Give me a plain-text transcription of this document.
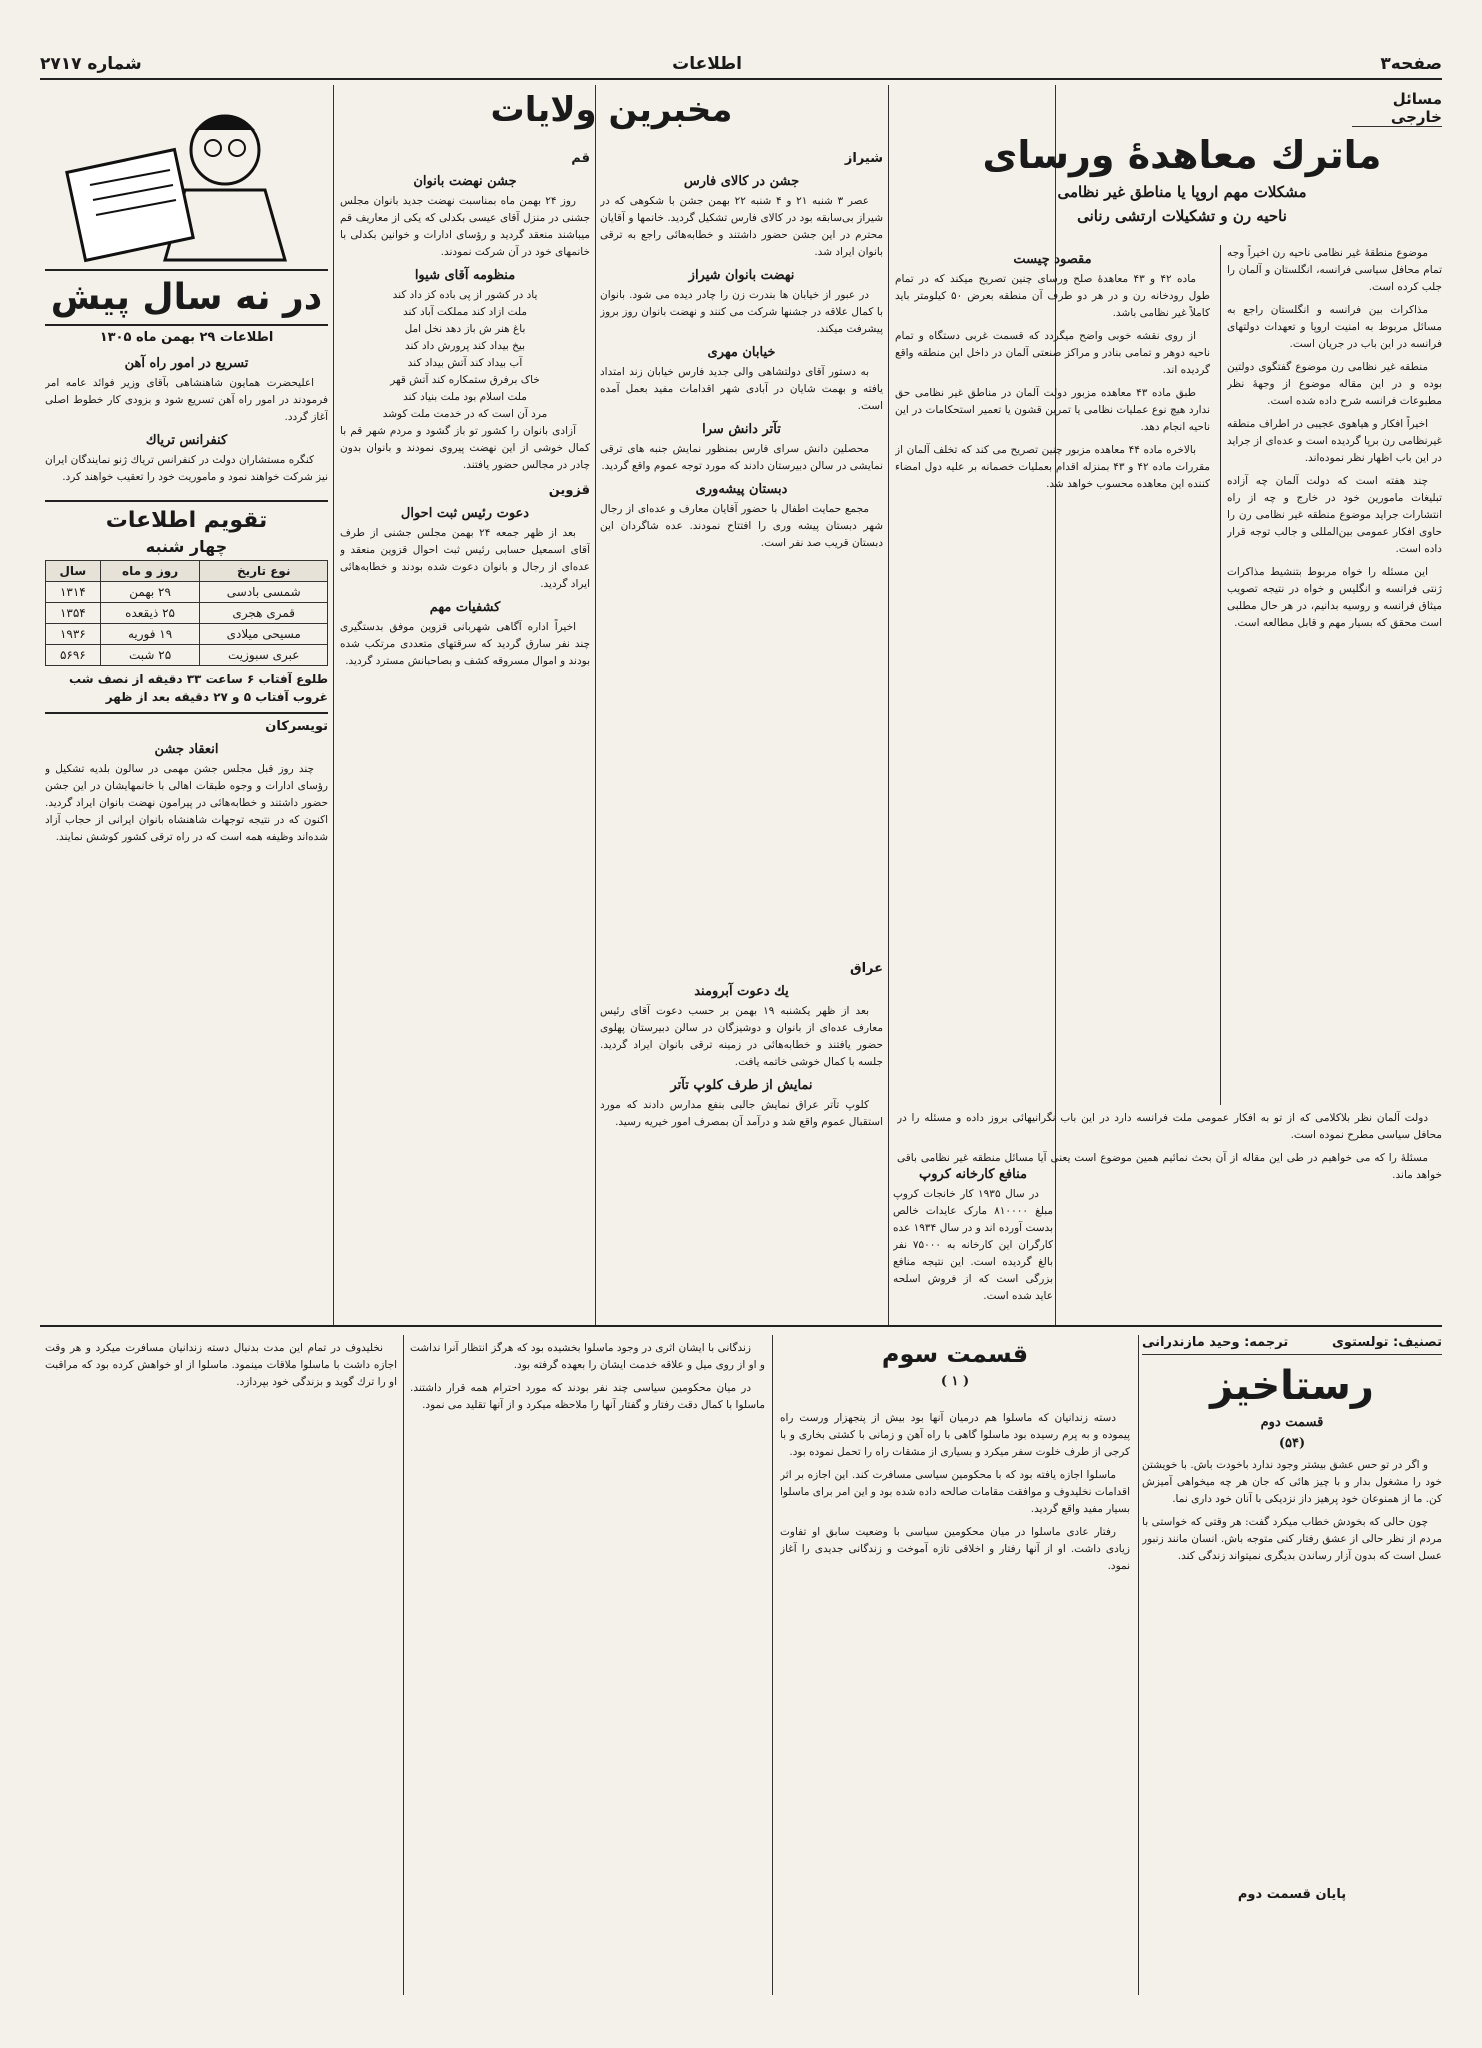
صفحه۳
اطلاعات
شماره ۲۷۱۷
مسائل خارجی
ماترك معاهدۀ ورسای
مشکلات مهم اروپا یا مناطق غیر نظامی
ناحیه رن و تشکیلات ارتشی رنانی

موضوع منطقهٔ غیر نظامی ناحیه رن اخیراً وجه تمام محافل سیاسی فرانسه، انگلستان و آلمان را جلب کرده است.

مذاکرات بین فرانسه و انگلستان راجع به مسائل مربوط به امنیت اروپا و تعهدات دولتهای فرانسه در این باب در جریان است.

منطقه غیر نظامی رن موضوع گفتگوی دولتین بوده و در این مقاله موضوع از وجهۀ نظر مطبوعات فرانسه شرح داده شده است.

اخیراً افکار و هیاهوی عجیبی در اطراف منطقه غیرنظامی رن برپا گردیده است و عده‌ای از جراید در این باب اظهار نظر نموده‌اند.

چند هفته است که دولت آلمان چه آزاده تبلیغات مامورین خود در خارج و چه از راه انتشارات جراید موضوع منطقه غیر نظامی رن را حاوی افکار عمومی بین‌المللی و جالب توجه قرار داده است.

این مسئله را خواه مربوط بتنشیط مذاکرات ژنتی فرانسه و انگلیس و خواه در نتیجه تصویب میثاق فرانسه و روسیه بدانیم، در هر حال مطلبی است محقق که بسیار مهم و قابل مطالعه است.

مقصود چیست

ماده ۴۲ و ۴۳ معاهدۀ صلح ورسای چنین تصریح میکند که در تمام طول رودخانه رن و در هر دو طرف آن منطقه بعرض ۵۰ کیلومتر باید کاملاً غیر نظامی باشد.

از روی نقشه خوبی واضح میگردد که قسمت غربی دستگاه و تمام ناحیه دوهر و تمامی بنادر و مراکز صنعتی آلمان در داخل این منطقه واقع گردیده اند.

طبق ماده ۴۳ معاهده مزبور دولت آلمان در مناطق غیر نظامی حق ندارد هیچ نوع عملیات نظامی یا تمرین قشون یا تعمیر استحکامات در این ناحیه انجام دهد.

بالاخره ماده ۴۴ معاهده مزبور چنین تصریح می کند که تخلف آلمان از مقررات ماده ۴۲ و ۴۳ بمنزله اقدام بعملیات خصمانه بر علیه دول امضاء کننده این معاهده محسوب خواهد شد.

دولت آلمان نظر بلاکلامی که از تو به افکار عمومی ملت فرانسه دارد در این باب نگرانیهائی بروز داده و مسئله را در محافل سیاسی مطرح نموده است.

مسئلۀ را که می خواهیم در طی این مقاله از آن بحث نمائیم همین موضوع است یعنی آیا مسائل منطقه غیر نظامی باقی خواهد ماند.

مخبرین ولایات
شیراز
جشن در کالای فارس

عصر ۳ شنبه ۲۱ و ۴ شنبه ۲۲ بهمن جشن با شکوهی که در شیراز بی‌سابقه بود در کالای فارس تشکیل گردید. خانمها و آقایان محترم در این جشن حضور داشتند و خطابه‌هائی راجع به ترقی بانوان ایراد شد.

نهضت بانوان شیراز

در عبور از خیابان ها بندرت زن را چادر دیده می شود. بانوان با کمال علاقه در جشنها شرکت می کنند و نهضت بانوان روز بروز پیشرفت میکند.

خیابان مهری

به دستور آقای دولتشاهی والی جدید فارس خیابان زند امتداد یافته و بهمت شایان در آبادی شهر اقدامات مفید بعمل آمده است.

تآتر دانش سرا

محصلین دانش سرای فارس بمنظور نمایش جنبه های ترقی نمایشی در سالن دبیرستان دادند که مورد توجه عموم واقع گردید.

دبستان پیشه‌وری

مجمع حمایت اطفال با حضور آقایان معارف و عده‌ای از رجال شهر دبستان پیشه وری را افتتاح نمودند. عده شاگردان این دبستان قریب صد نفر است.

عراق
یك دعوت آبرومند

بعد از ظهر یکشنبه ۱۹ بهمن بر حسب دعوت آقای رئیس معارف عده‌ای از بانوان و دوشیزگان در سالن دبیرستان پهلوی حضور یافتند و خطابه‌هائی در زمینه ترقی بانوان ایراد گردید. جلسه با کمال خوشی خاتمه یافت.

نمایش از طرف کلوپ تآتر

کلوپ تآتر عراق نمایش جالبی بنفع مدارس دادند که مورد استقبال عموم واقع شد و درآمد آن بمصرف امور خیریه رسید.

قم
جشن نهضت بانوان

روز ۲۴ بهمن ماه بمناسبت نهضت جدید بانوان مجلس جشنی در منزل آقای عیسی بکدلی که یکی از معاریف قم میباشند منعقد گردید و رؤسای ادارات و خوانین بکدلی با خانمهای خود در آن شرکت نمودند.

منظومه آقای شیوا
یاد در کشور از پی باده کز داد کند
ملت ازاد کند مملکت آباد کند
باغ هنر ش باز دهد نخل امل
بیخ بیداد کند پرورش داد کند
آب بیداد کند آتش بیداد کند
خاک برفرق ستمکاره کند آتش قهر
ملت اسلام بود ملت بنیاد کند
مرد آن است که در خدمت ملت کوشد

آزادی بانوان را کشور تو باز گشود و مردم شهر قم با کمال خوشی از این نهضت پیروی نمودند و بانوان بدون چادر در مجالس حضور یافتند.

قزوین
دعوت رئیس ثبت احوال

بعد از ظهر جمعه ۲۴ بهمن مجلس جشنی از طرف آقای اسمعیل حسابی رئیس ثبت احوال قزوین منعقد و عده‌ای از رجال و بانوان دعوت شده بودند و خطابه‌هائی ایراد گردید.

کشفیات مهم

اخیراً اداره آگاهی شهربانی قزوین موفق بدستگیری چند نفر سارق گردید که سرقتهای متعددی مرتکب شده بودند و اموال مسروقه کشف و بصاحبانش مسترد گردید.

در نه سال پیش
اطلاعات ۲۹ بهمن ماه ۱۳۰۵
تسریع در امور راه آهن

اعلیحضرت همایون شاهنشاهی بآقای وزیر فوائد عامه امر فرمودند در امور راه آهن تسریع شود و بزودی کار خطوط اصلی آغاز گردد.

کنفرانس تریاك

کنگره مستشاران دولت در کنفرانس تریاك ژنو نمایندگان ایران نیز شرکت خواهند نمود و ماموریت خود را تعقیب خواهند کرد.

تقویم اطلاعات
چهار شنبه
نوع تاریخ	روز و ماه	سال
شمسی بادسی	۲۹ بهمن	۱۳۱۴
قمری هجری	۲۵ ذیقعده	۱۳۵۴
مسیحی میلادی	۱۹ فوریه	۱۹۳۶
عبری سبوزیت	۲۵ شبت	۵۶۹۶
طلوع آفتاب ۶ ساعت ۳۳ دقیقه از نصف شب
غروب آفتاب ۵ و ۲۷ دقیقه بعد از ظهر
تویسرکان
انعقاد جشن

چند روز قبل مجلس جشن مهمی در سالون بلدیه تشکیل و رؤسای ادارات و وجوه طبقات اهالی با خانمهایشان در این جشن حضور داشتند و خطابه‌هائی در پیرامون نهضت بانوان ایراد گردید. اکنون که در نتیجه توجهات شاهنشاه بانوان ایرانی از حجاب آزاد شده‌اند وظیفه همه است که در راه ترقی کشور کوشش نمایند.

منافع کارخانه کروپ

در سال ۱۹۳۵ کار خانجات کروپ مبلغ ۸۱۰۰۰۰ مارک عایدات خالص بدست آورده اند و در سال ۱۹۳۴ عده کارگران این کارخانه به ۷۵۰۰۰ نفر بالغ گردیده است. این نتیجه منافع بزرگی است که از فروش اسلحه عاید شده است.

تصنیف: تولستوی
ترجمه: وحید مازندرانی
رستاخیز
قسمت دوم
(۵۴)

و اگر در تو حس عشق بیشتر وجود ندارد باخودت باش. با خویشتن خود را مشغول بدار و با چیز هائی که جان هر چه میخواهی آمیزش کن. ما از همنوعان خود پرهیز داز نزدیکی با آنان خود داری نما.

چون حالی که بخودش خطاب میکرد گفت: هر وقتی که خواستی با مردم از نظر حالی از عشق رفتار کنی متوجه باش. انسان مانند زنبور عسل است که بدون آزار رساندن بدیگری نمیتواند زندگی کند.

پایان قسمت دوم
قسمت سوم
( ۱ )

دسته زندانیان که ماسلوا هم درمیان آنها بود بیش از پنجهزار ورست راه پیموده و به پرم رسیده بود ماسلوا گاهی با راه آهن و زمانی با کشتی بخاری و با کرجی از طرف خلوت سفر میکرد و بسیاری از مشقات راه را تحمل نموده بود.

ماسلوا اجازه یافته بود که با محکومین سیاسی مسافرت کند. این اجازه بر اثر اقدامات نخلیدوف و موافقت مقامات صالحه داده شده بود و این امر برای ماسلوا بسیار مفید واقع گردید.

رفتار عادی ماسلوا در میان محکومین سیاسی با وضعیت سابق او تفاوت زیادی داشت. او از آنها رفتار و اخلاقی تازه آموخت و زندگانی جدیدی را آغاز نمود.

زندگانی با ایشان اثری در وجود ماسلوا بخشیده بود که هرگز انتظار آنرا نداشت و او از روی میل و علاقه خدمت ایشان را بعهده گرفته بود.

در میان محکومین سیاسی چند نفر بودند که مورد احترام همه قرار داشتند. ماسلوا با کمال دقت رفتار و گفتار آنها را ملاحظه میکرد و از آنها تقلید می نمود.

نخلیدوف در تمام این مدت بدنبال دسته زندانیان مسافرت میکرد و هر وقت اجازه داشت با ماسلوا ملاقات مینمود. ماسلوا از او خواهش کرده بود که مراقبت او را ترك گوید و بزندگی خود بپردازد.
